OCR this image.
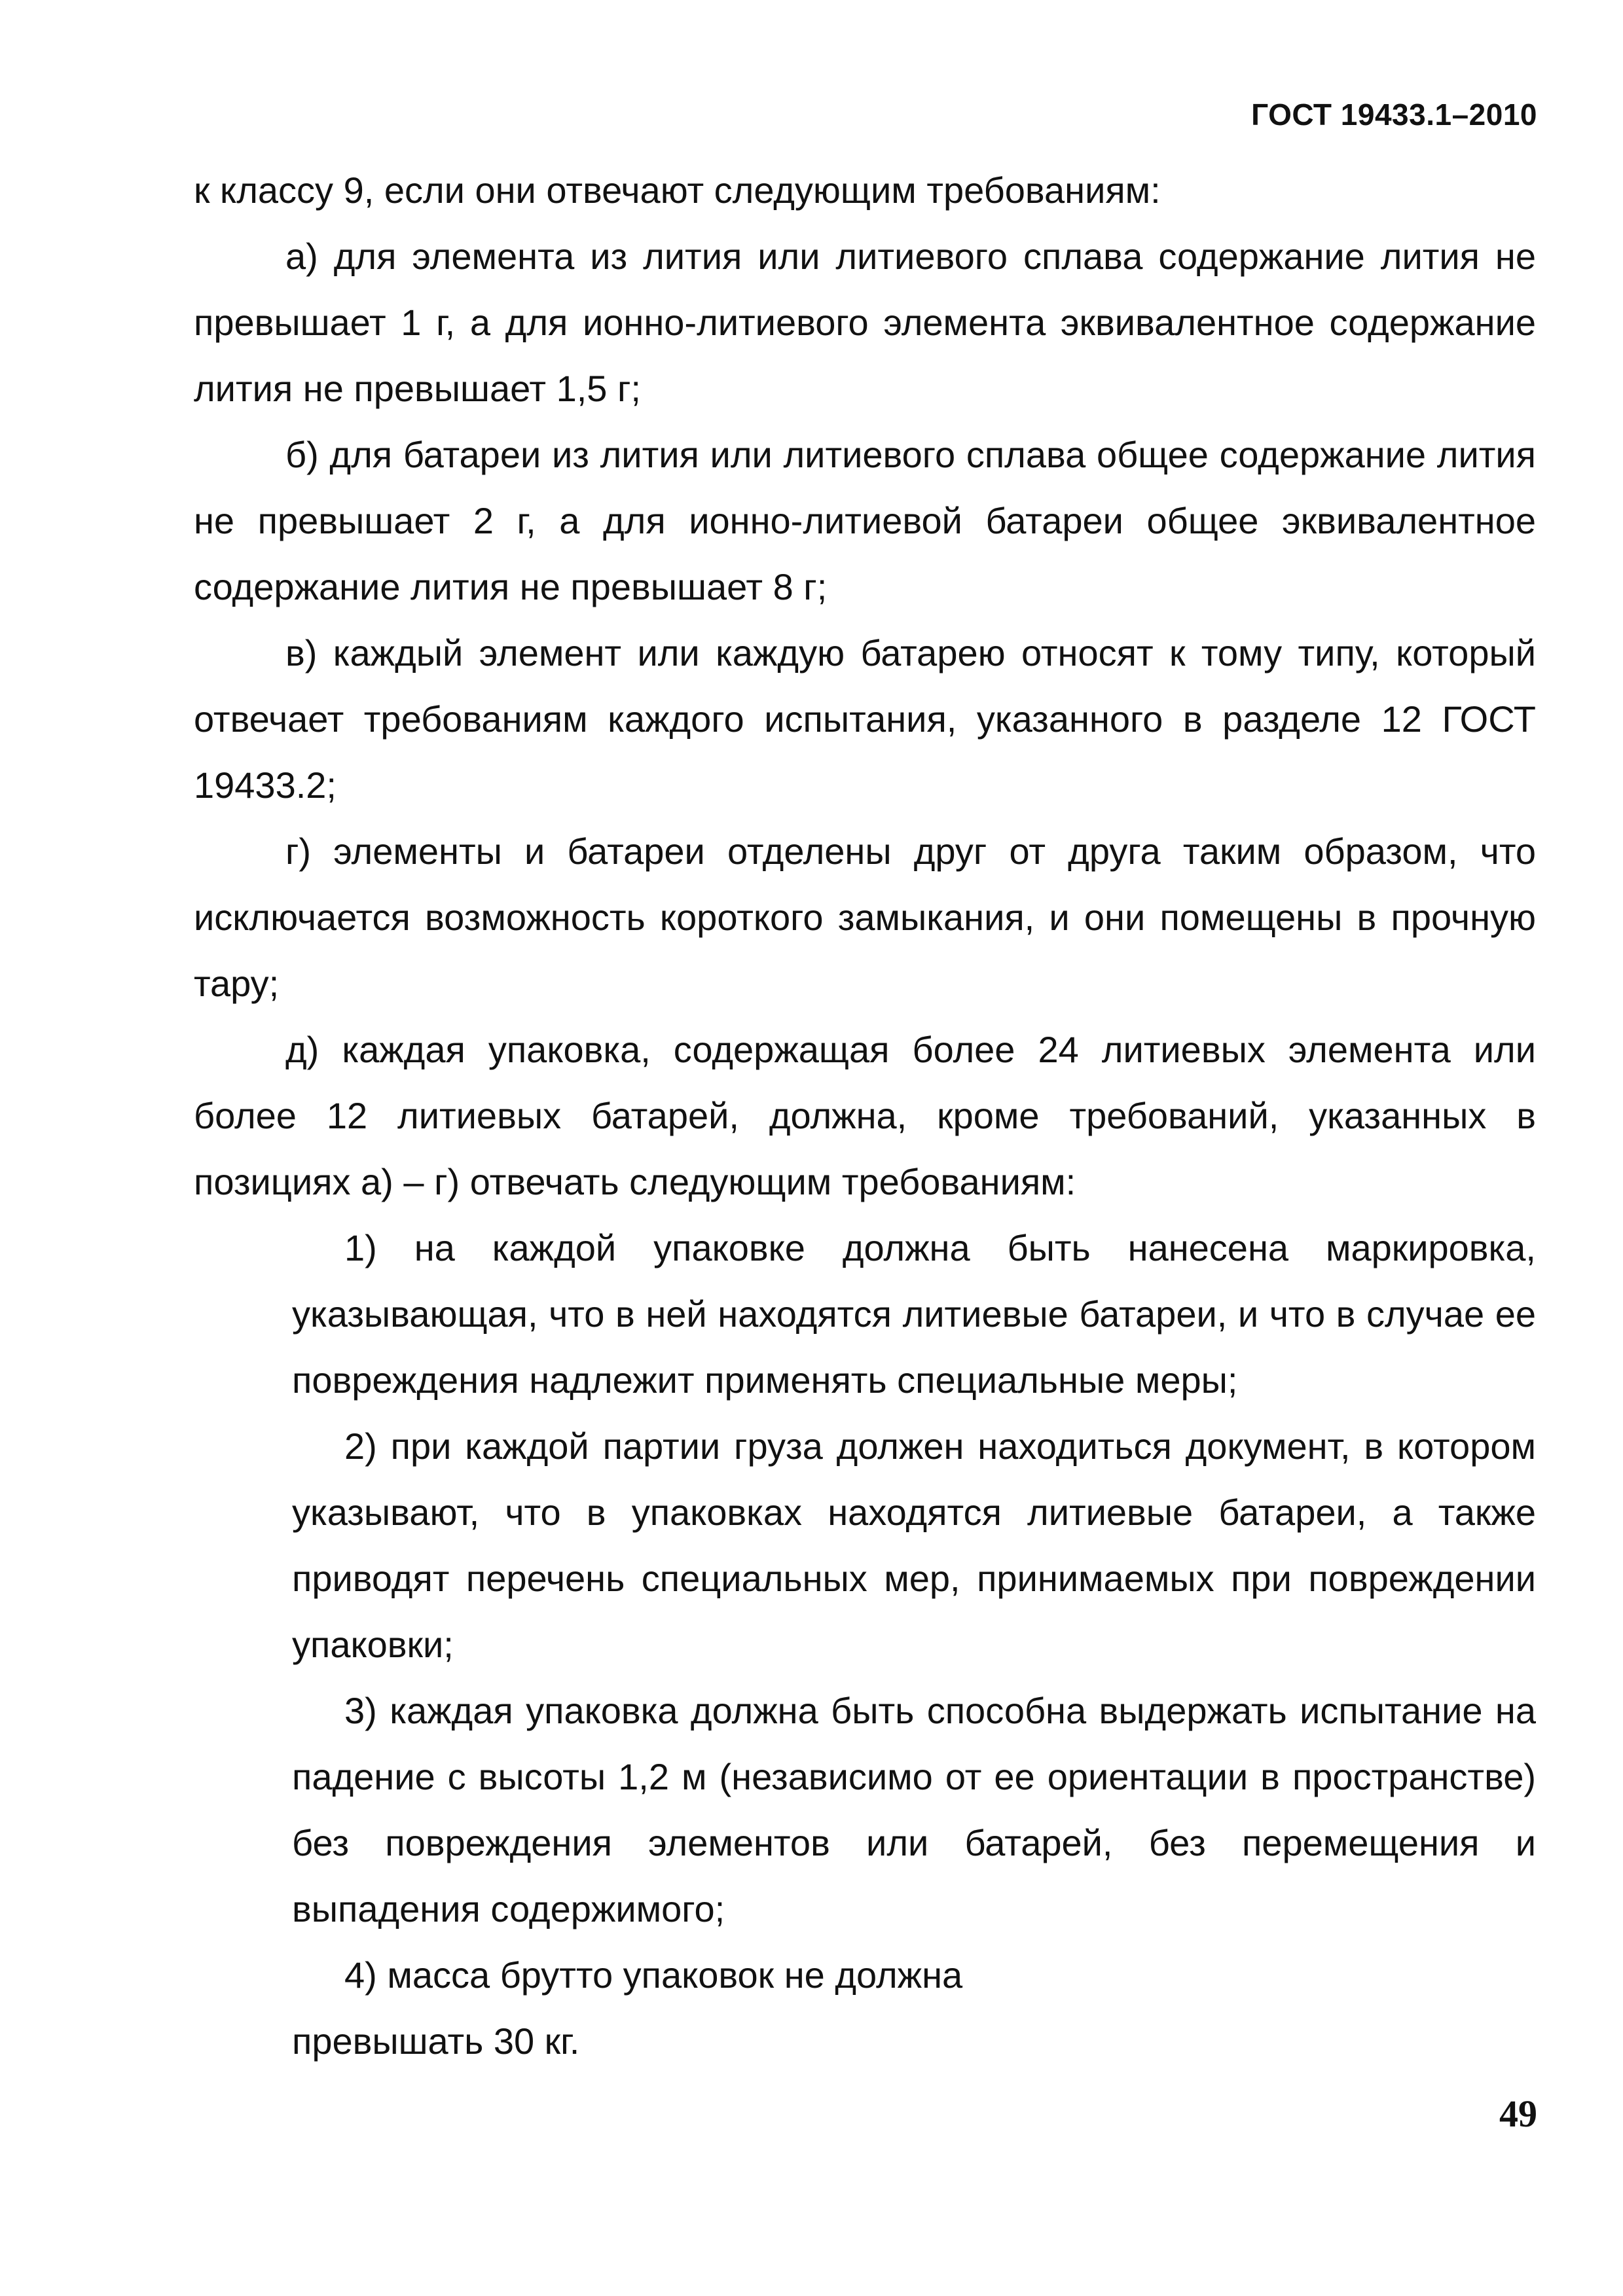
ГОСТ 19433.1–2010

к классу 9, если они отвечают следующим требованиям:

а) для элемента из лития или литиевого сплава содержание лития не превышает 1 г, а для ионно-литиевого элемента эквивалентное содержание лития не превышает 1,5 г;

б) для батареи из лития или литиевого сплава общее содержание лития не превышает 2 г, а для ионно-литиевой батареи общее эквивалентное содержание лития не превышает 8 г;

в) каждый элемент или каждую батарею относят к тому типу, который отвечает требованиям каждого испытания, указанного в разделе 12 ГОСТ 19433.2;

г) элементы и батареи отделены друг от друга таким образом, что исключается возможность короткого замыкания, и они помещены в прочную тару;

д) каждая упаковка, содержащая более 24 литиевых элемента или более 12 литиевых батарей, должна, кроме требований, указанных в позициях а) – г) отвечать следующим требованиям:

1) на каждой упаковке должна быть нанесена маркировка, указывающая, что в ней находятся литиевые батареи, и что в случае ее повреждения надлежит применять специальные меры;

2) при каждой партии груза должен находиться документ, в котором указывают, что в упаковках находятся литиевые батареи, а также приводят перечень специальных мер, принимаемых при повреждении упаковки;

3) каждая упаковка должна быть способна выдержать испытание на падение с высоты 1,2 м (независимо от ее ориентации в пространстве) без повреждения элементов или батарей, без перемещения и выпадения содержимого;

4) масса брутто упаковок не должна

превышать 30 кг.

49
